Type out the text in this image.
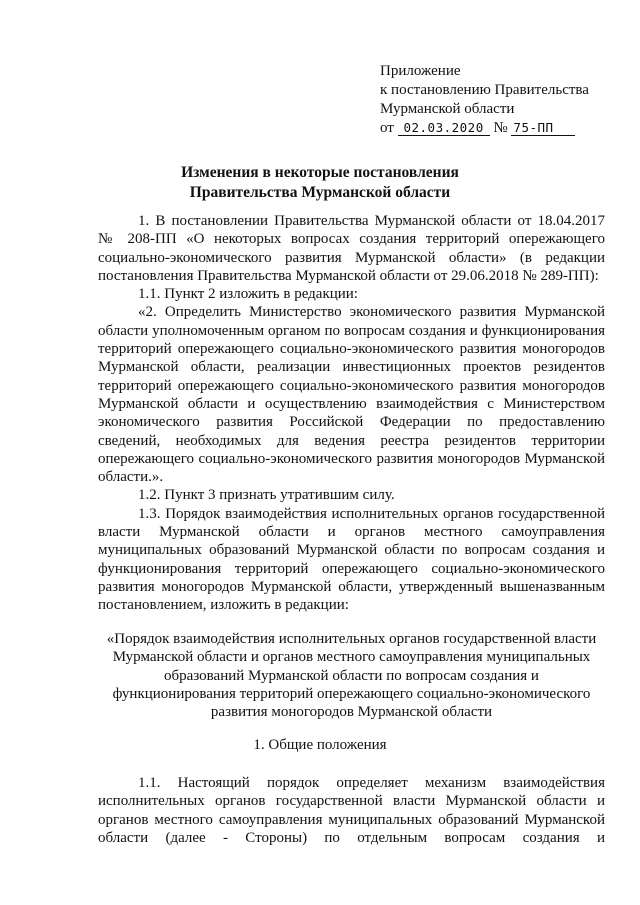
Приложение
к постановлению Правительства
Мурманской области
от 02.03.2020 № 75-ПП
Изменения в некоторые постановления
Правительства Мурманской области

1. В постановлении Правительства Мурманской области от 18.04.2017 № 208-ПП «О некоторых вопросах создания территорий опережающего социально-экономического развития Мурманской области» (в редакции постановления Правительства Мурманской области от 29.06.2018 № 289-ПП):

1.1. Пункт 2 изложить в редакции:

«2. Определить Министерство экономического развития Мурманской области уполномоченным органом по вопросам создания и функционирования территорий опережающего социально-экономического развития моногородов Мурманской области, реализации инвестиционных проектов резидентов территорий опережающего социально-экономического развития моногородов Мурманской области и осуществлению взаимодействия с Министерством экономического развития Российской Федерации по предоставлению сведений, необходимых для ведения реестра резидентов территории опережающего социально-экономического развития моногородов Мурманской области.».

1.2. Пункт 3 признать утратившим силу.

1.3. Порядок взаимодействия исполнительных органов государственной власти Мурманской области и органов местного самоуправления муниципальных образований Мурманской области по вопросам создания и функционирования территорий опережающего социально-экономического развития моногородов Мурманской области, утвержденный вышеназванным постановлением, изложить в редакции:

«Порядок взаимодействия исполнительных органов государственной власти
Мурманской области и органов местного самоуправления муниципальных
образований Мурманской области по вопросам создания и
функционирования территорий опережающего социально-экономического
развития моногородов Мурманской области
1. Общие положения

1.1. Настоящий порядок определяет механизм взаимодействия исполнительных органов государственной власти Мурманской области и органов местного самоуправления муниципальных образований Мурманской области (далее - Стороны) по отдельным вопросам создания и
